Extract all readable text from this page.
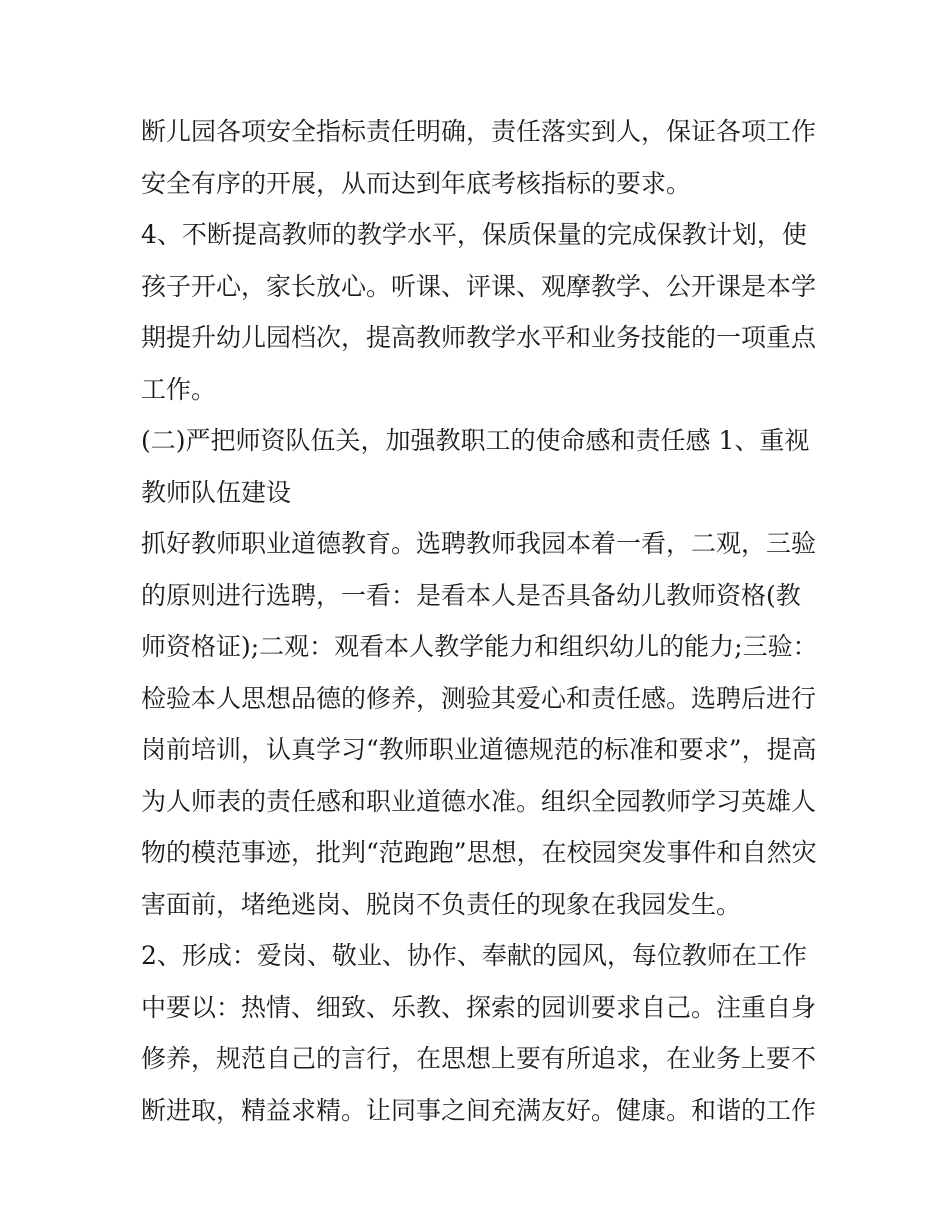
断儿园各项安全指标责任明确，责任落实到人，保证各项工作
安全有序的开展，从而达到年底考核指标的要求。

4、不断提高教师的教学水平，保质保量的完成保教计划，使
孩子开心，家长放心。听课、评课、观摩教学、公开课是本学
期提升幼儿园档次，提高教师教学水平和业务技能的一项重点
工作。

(二)严把师资队伍关，加强教职工的使命感和责任感 1、重视
教师队伍建设

抓好教师职业道德教育。选聘教师我园本着一看，二观，三验
的原则进行选聘，一看：是看本人是否具备幼儿教师资格(教
师资格证);二观：观看本人教学能力和组织幼儿的能力;三验：
检验本人思想品德的修养，测验其爱心和责任感。选聘后进行
岗前培训，认真学习“教师职业道德规范的标准和要求”，提高
为人师表的责任感和职业道德水准。组织全园教师学习英雄人
物的模范事迹，批判“范跑跑”思想，在校园突发事件和自然灾
害面前，堵绝逃岗、脱岗不负责任的现象在我园发生。

2、形成：爱岗、敬业、协作、奉献的园风，每位教师在工作
中要以：热情、细致、乐教、探索的园训要求自己。注重自身
修养，规范自己的言行，在思想上要有所追求，在业务上要不
断进取，精益求精。让同事之间充满友好。健康。和谐的工作
